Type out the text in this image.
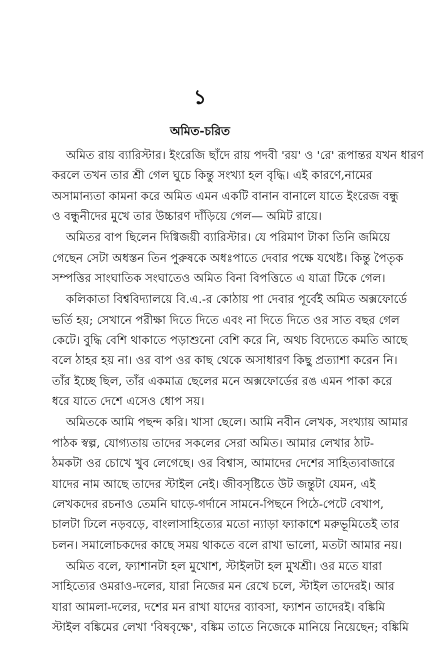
১
অমিত-চরিত

অমিত রায় ব্যারিস্টার। ইংরেজি ছাঁদে রায় পদবী 'রয়' ও 'রে' রূপান্তর যখন ধারণ
করলে তখন তার শ্রী গেল ঘুচে কিন্তু সংখ্যা হল বৃদ্ধি। এই কারণে,নামের
অসামান্যতা কামনা করে অমিত এমন একটি বানান বানালে যাতে ইংরেজ বন্ধু
ও বন্ধুনীদের মুখে তার উচ্চারণ দাঁড়িয়ে গেল— অমিট রায়ে।

অমিতর বাপ ছিলেন দিগ্বিজয়ী ব্যারিস্টার। যে পরিমাণ টাকা তিনি জমিয়ে
গেছেন সেটা অধস্তন তিন পুরুষকে অধঃপাতে দেবার পক্ষে যথেষ্ট। কিন্তু পৈতৃক
সম্পত্তির সাংঘাতিক সংঘাতেও অমিত বিনা বিপত্তিতে এ যাত্রা টিকে গেল।

কলিকাতা বিশ্ববিদ্যালয়ে বি.এ.-র কোঠায় পা দেবার পূর্বেই অমিত অক্সফোর্ডে
ভর্তি হয়; সেখানে পরীক্ষা দিতে দিতে এবং না দিতে দিতে ওর সাত বছর গেল
কেটে। বুদ্ধি বেশি থাকাতে পড়াশুনো বেশি করে নি, অথচ বিদ্যেতে কমতি আছে
বলে ঠাহর হয় না। ওর বাপ ওর কাছ থেকে অসাধারণ কিছু প্রত্যাশা করেন নি।
তাঁর ইচ্ছে ছিল, তাঁর একমাত্র ছেলের মনে অক্সফোর্ডের রঙ এমন পাকা করে
ধরে যাতে দেশে এসেও ধোপ সয়।

অমিতকে আমি পছন্দ করি। খাসা ছেলে। আমি নবীন লেখক, সংখ্যায় আমার
পাঠক স্বল্প, যোগ্যতায় তাদের সকলের সেরা অমিত। আমার লেখার ঠাট-
ঠমকটা ওর চোখে খুব লেগেছে। ওর বিশ্বাস, আমাদের দেশের সাহিত্যবাজারে
যাদের নাম আছে তাদের স্টাইল নেই। জীবসৃষ্টিতে উট জন্তুটা যেমন, এই
লেখকদের রচনাও তেমনি ঘাড়ে-গর্দানে সামনে-পিছনে পিঠে-পেটে বেখাপ,
চালটা ঢিলে নড়বড়ে, বাংলাসাহিত্যের মতো ন্যাড়া ফ্যাকাশে মরুভূমিতেই তার
চলন। সমালোচকদের কাছে সময় থাকতে বলে রাখা ভালো, মতটা আমার নয়।

অমিত বলে, ফ্যাশানটা হল মুখোশ, স্টাইলটা হল মুখশ্রী। ওর মতে যারা
সাহিত্যের ওমরাও-দলের, যারা নিজের মন রেখে চলে, স্টাইল তাদেরই। আর
যারা আমলা-দলের, দশের মন রাখা যাদের ব্যাবসা, ফ্যাশন তাদেরই। বঙ্কিমি
স্টাইল বঙ্কিমের লেখা 'বিষবৃক্ষে', বঙ্কিম তাতে নিজেকে মানিয়ে নিয়েছেন; বঙ্কিমি
